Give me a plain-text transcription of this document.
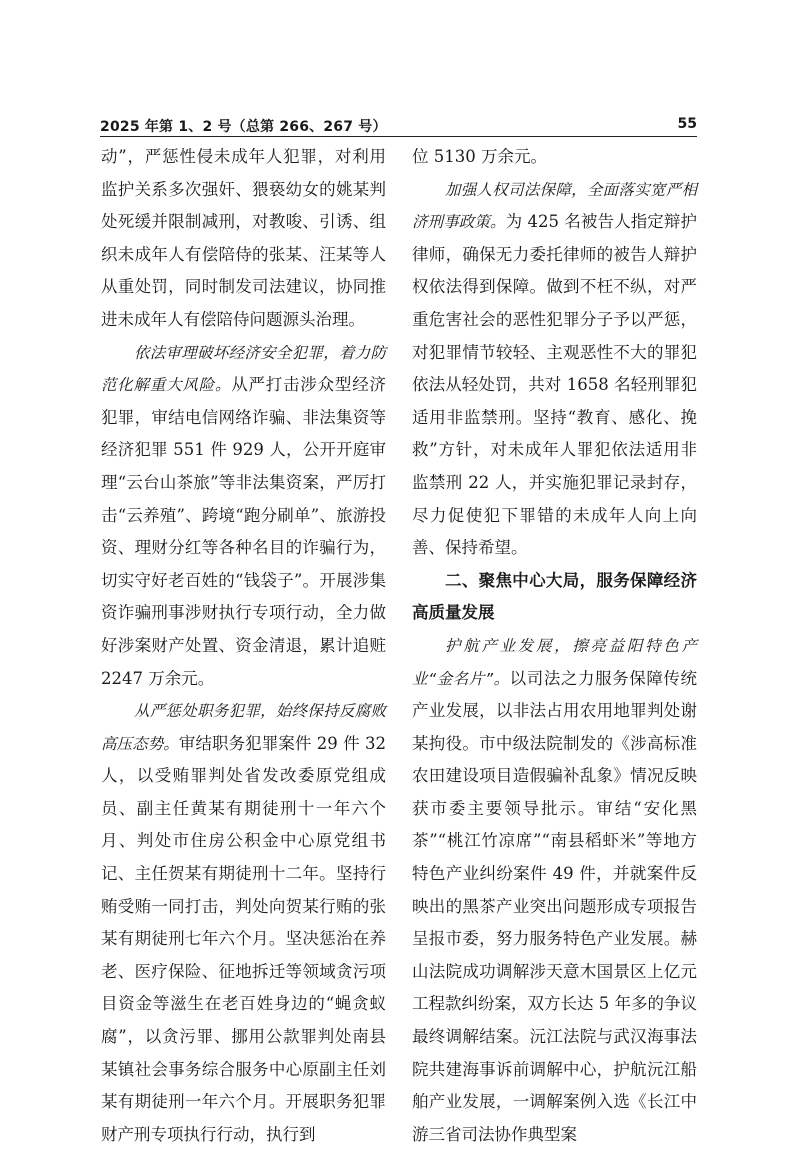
2025 年第 1、2 号（总第 266、267 号）	55

动”，严惩性侵未成年人犯罪，对利用监护关系多次强奸、猥亵幼女的姚某判处死缓并限制减刑，对教唆、引诱、组织未成年人有偿陪侍的张某、汪某等人从重处罚，同时制发司法建议，协同推进未成年人有偿陪侍问题源头治理。

依法审理破坏经济安全犯罪，着力防范化解重大风险。从严打击涉众型经济犯罪，审结电信网络诈骗、非法集资等经济犯罪 551 件 929 人，公开开庭审理“云台山茶旅”等非法集资案，严厉打击“云养殖”、跨境“跑分刷单”、旅游投资、理财分红等各种名目的诈骗行为，切实守好老百姓的“钱袋子”。开展涉集资诈骗刑事涉财执行专项行动，全力做好涉案财产处置、资金清退，累计追赃 2247 万余元。

从严惩处职务犯罪，始终保持反腐败高压态势。审结职务犯罪案件 29 件 32 人，以受贿罪判处省发改委原党组成员、副主任黄某有期徒刑十一年六个月、判处市住房公积金中心原党组书记、主任贺某有期徒刑十二年。坚持行贿受贿一同打击，判处向贺某行贿的张某有期徒刑七年六个月。坚决惩治在养老、医疗保险、征地拆迁等领域贪污项目资金等滋生在老百姓身边的“蝇贪蚁腐”，以贪污罪、挪用公款罪判处南县某镇社会事务综合服务中心原副主任刘某有期徒刑一年六个月。开展职务犯罪财产刑专项执行行动，执行到

位 5130 万余元。

加强人权司法保障，全面落实宽严相济刑事政策。为 425 名被告人指定辩护律师，确保无力委托律师的被告人辩护权依法得到保障。做到不枉不纵，对严重危害社会的恶性犯罪分子予以严惩，对犯罪情节较轻、主观恶性不大的罪犯依法从轻处罚，共对 1658 名轻刑罪犯适用非监禁刑。坚持“教育、感化、挽救”方针，对未成年人罪犯依法适用非监禁刑 22 人，并实施犯罪记录封存，尽力促使犯下罪错的未成年人向上向善、保持希望。

二、聚焦中心大局，服务保障经济高质量发展

护航产业发展，擦亮益阳特色产业“金名片”。以司法之力服务保障传统产业发展，以非法占用农用地罪判处谢某拘役。市中级法院制发的《涉高标准农田建设项目造假骗补乱象》情况反映获市委主要领导批示。审结“安化黑茶”“桃江竹凉席”“南县稻虾米”等地方特色产业纠纷案件 49 件，并就案件反映出的黑茶产业突出问题形成专项报告呈报市委，努力服务特色产业发展。赫山法院成功调解涉天意木国景区上亿元工程款纠纷案，双方长达 5 年多的争议最终调解结案。沅江法院与武汉海事法院共建海事诉前调解中心，护航沅江船舶产业发展，一调解案例入选《长江中游三省司法协作典型案
